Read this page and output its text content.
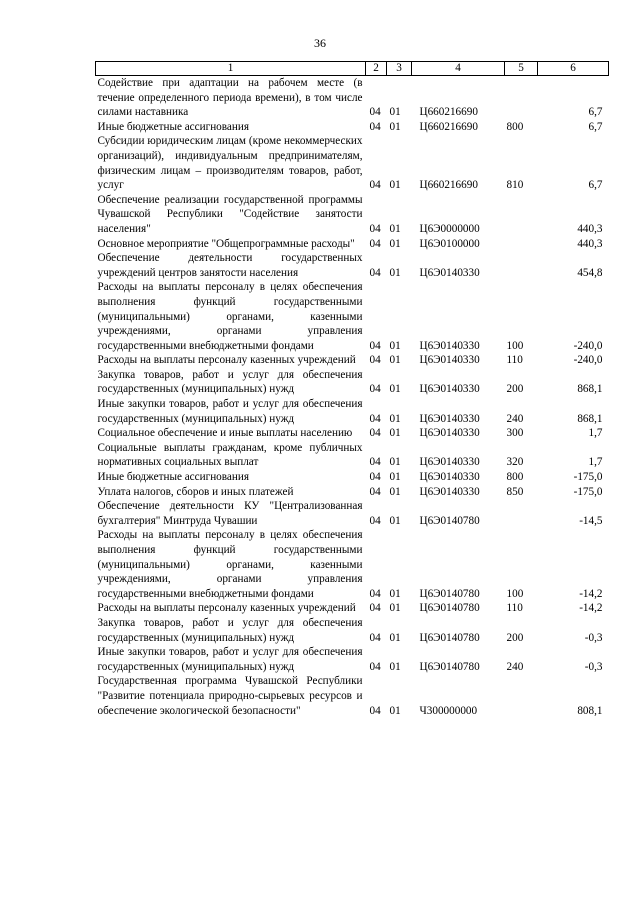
36
1	2	3	4	5	6
Содействие при адаптации на рабочем месте (в течение определенного периода времени), в том числе силами наставника	04	01	Ц660216690		6,7
Иные бюджетные ассигнования	04	01	Ц660216690	800	6,7
Субсидии юридическим лицам (кроме некоммерческих организаций), индивидуальным предпринимателям, физическим лицам – производителям товаров, работ, услуг	04	01	Ц660216690	810	6,7
Обеспечение реализации государственной программы Чувашской Республики "Содействие занятости населения"	04	01	Ц6Э0000000		440,3
Основное мероприятие "Общепрограммные расходы"	04	01	Ц6Э0100000		440,3
Обеспечение деятельности государственных учреждений центров занятости населения	04	01	Ц6Э0140330		454,8
Расходы на выплаты персоналу в целях обеспечения выполнения функций государственными (муниципальными) органами, казенными учреждениями, органами управления государственными внебюджетными фондами	04	01	Ц6Э0140330	100	-240,0
Расходы на выплаты персоналу казенных учреждений	04	01	Ц6Э0140330	110	-240,0
Закупка товаров, работ и услуг для обеспечения государственных (муниципальных) нужд	04	01	Ц6Э0140330	200	868,1
Иные закупки товаров, работ и услуг для обеспечения государственных (муниципальных) нужд	04	01	Ц6Э0140330	240	868,1
Социальное обеспечение и иные выплаты населению	04	01	Ц6Э0140330	300	1,7
Социальные выплаты гражданам, кроме публичных нормативных социальных выплат	04	01	Ц6Э0140330	320	1,7
Иные бюджетные ассигнования	04	01	Ц6Э0140330	800	-175,0
Уплата налогов, сборов и иных платежей	04	01	Ц6Э0140330	850	-175,0
Обеспечение деятельности КУ "Централизованная бухгалтерия" Минтруда Чувашии	04	01	Ц6Э0140780		-14,5
Расходы на выплаты персоналу в целях обеспечения выполнения функций государственными (муниципальными) органами, казенными учреждениями, органами управления государственными внебюджетными фондами	04	01	Ц6Э0140780	100	-14,2
Расходы на выплаты персоналу казенных учреждений	04	01	Ц6Э0140780	110	-14,2
Закупка товаров, работ и услуг для обеспечения государственных (муниципальных) нужд	04	01	Ц6Э0140780	200	-0,3
Иные закупки товаров, работ и услуг для обеспечения государственных (муниципальных) нужд	04	01	Ц6Э0140780	240	-0,3
Государственная программа Чувашской Республики "Развитие потенциала природно-сырьевых ресурсов и обеспечение экологической безопасности"	04	01	Ч300000000		808,1
